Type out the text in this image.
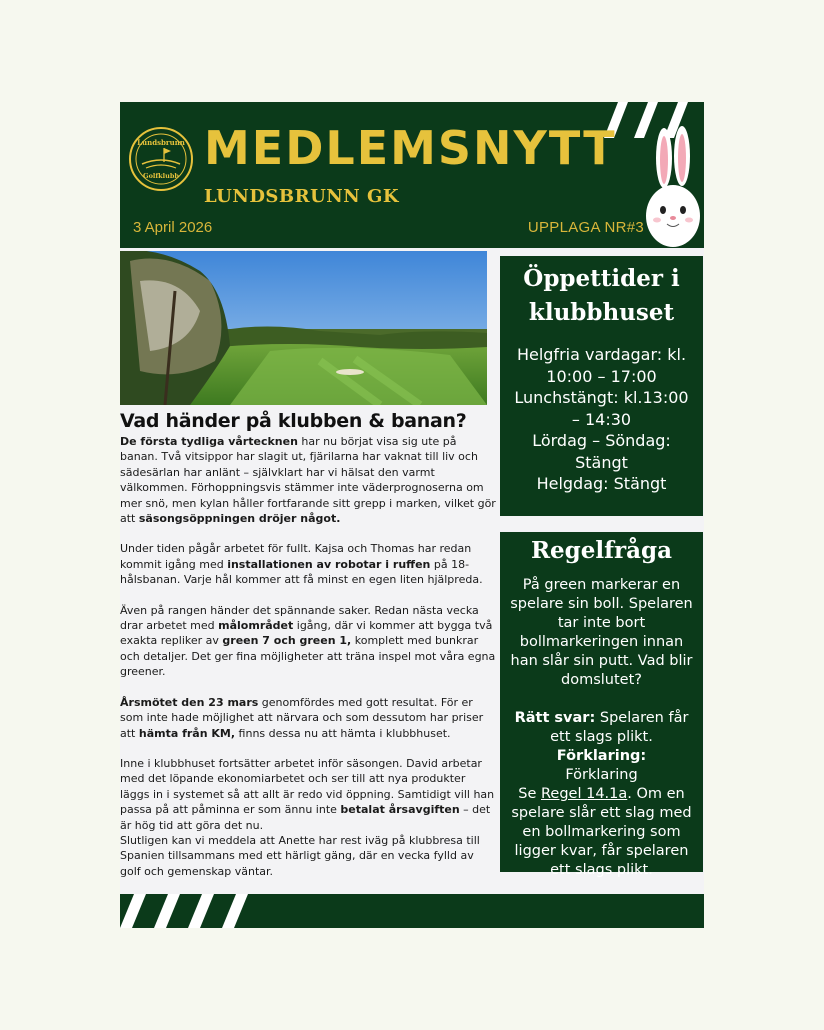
Lundsbrunn
Golfklubb
MEDLEMSNYTT
LUNDSBRUNN GK
3 April 2026	UPPLAGA NR#3
Vad händer på klubben & banan?

De första tydliga vårtecknen har nu börjat visa sig ute på banan. Två vitsippor har slagit ut, fjärilarna har vaknat till liv och sädesärlan har anlänt – självklart har vi hälsat den varmt välkommen. Förhoppningsvis stämmer inte väderprognoserna om mer snö, men kylan håller fortfarande sitt grepp i marken, vilket gör att säsongsöppningen dröjer något.

Under tiden pågår arbetet för fullt. Kajsa och Thomas har redan kommit igång med installationen av robotar i ruffen på 18-hålsbanan. Varje hål kommer att få minst en egen liten hjälpreda.

Även på rangen händer det spännande saker. Redan nästa vecka drar arbetet med målområdet igång, där vi kommer att bygga två exakta repliker av green 7 och green 1, komplett med bunkrar och detaljer. Det ger fina möjligheter att träna inspel mot våra egna greener.

Årsmötet den 23 mars genomfördes med gott resultat. För er som inte hade möjlighet att närvara och som dessutom har priser att hämta från KM, finns dessa nu att hämta i klubbhuset.

Inne i klubbhuset fortsätter arbetet inför säsongen. David arbetar med det löpande ekonomiarbetet och ser till att nya produkter läggs in i systemet så att allt är redo vid öppning. Samtidigt vill han passa på att påminna er som ännu inte betalat årsavgiften – det är hög tid att göra det nu.
Slutligen kan vi meddela att Anette har rest iväg på klubbresa till Spanien tillsammans med ett härligt gäng, där en vecka fylld av golf och gemenskap väntar.

Öppettider i klubbhuset
Helgfria vardagar: kl. 10:00 – 17:00
Lunchstängt: kl.13:00 – 14:30
Lördag – Söndag: Stängt
Helgdag: Stängt
Regelfråga
På green markerar en spelare sin boll. Spelaren tar inte bort bollmarkeringen innan han slår sin putt. Vad blir domslutet?
Rätt svar: Spelaren får ett slags plikt.
Förklaring:
Förklaring
Se Regel 14.1a. Om en spelare slår ett slag med en bollmarkering som ligger kvar, får spelaren ett slags plikt.
